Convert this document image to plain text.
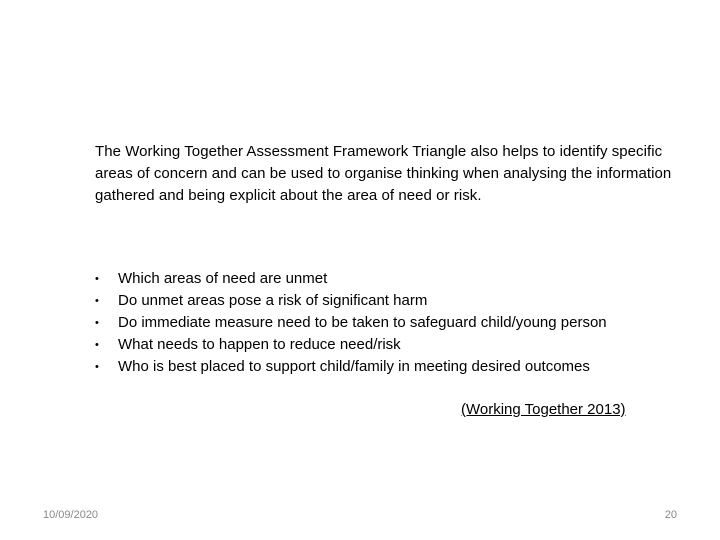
The Working Together Assessment Framework Triangle also helps to identify specific areas of concern and can be used to organise thinking when analysing the information gathered and being explicit about the area of need or risk.
• Which areas of need are unmet
• Do unmet areas pose a risk of significant harm
• Do immediate measure need to be taken to safeguard child/young person
• What needs to happen to reduce need/risk
• Who is best placed to support child/family in meeting desired outcomes
(Working Together 2013)
10/09/2020	20
